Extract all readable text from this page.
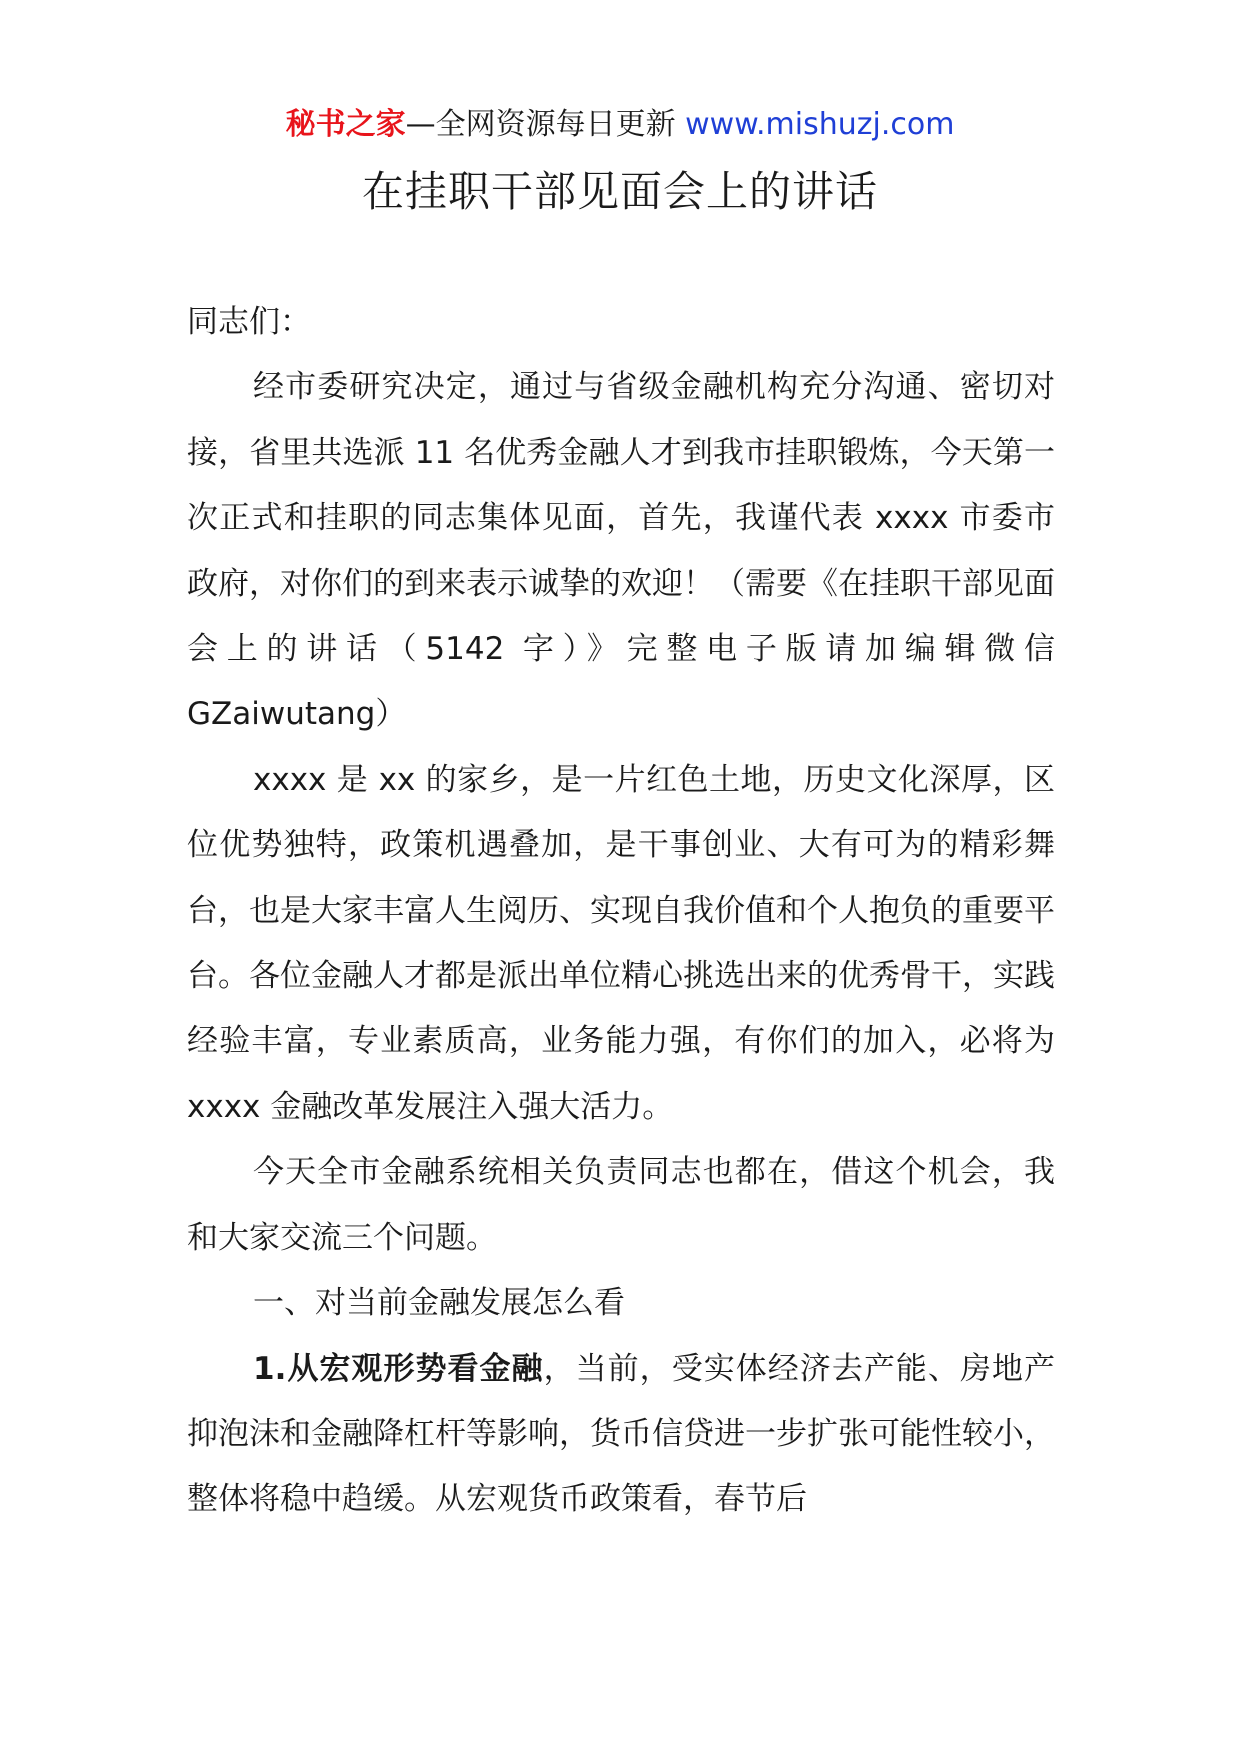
秘书之家—全网资源每日更新 www.mishuzj.com
在挂职干部见面会上的讲话

同志们：

经市委研究决定，通过与省级金融机构充分沟通、密切对接，省里共选派 11 名优秀金融人才到我市挂职锻炼，今天第一次正式和挂职的同志集体见面，首先，我谨代表 xxxx 市委市政府，对你们的到来表示诚挚的欢迎！（需要《在挂职干部见面会上的讲话（5142 字）》完整电子版请加编辑微信 GZaiwutang）

xxxx 是 xx 的家乡，是一片红色土地，历史文化深厚，区位优势独特，政策机遇叠加，是干事创业、大有可为的精彩舞台，也是大家丰富人生阅历、实现自我价值和个人抱负的重要平台。各位金融人才都是派出单位精心挑选出来的优秀骨干，实践经验丰富，专业素质高，业务能力强，有你们的加入，必将为 xxxx 金融改革发展注入强大活力。

今天全市金融系统相关负责同志也都在，借这个机会，我和大家交流三个问题。

一、对当前金融发展怎么看

1.从宏观形势看金融，当前，受实体经济去产能、房地产抑泡沫和金融降杠杆等影响，货币信贷进一步扩张可能性较小，整体将稳中趋缓。从宏观货币政策看，春节后
